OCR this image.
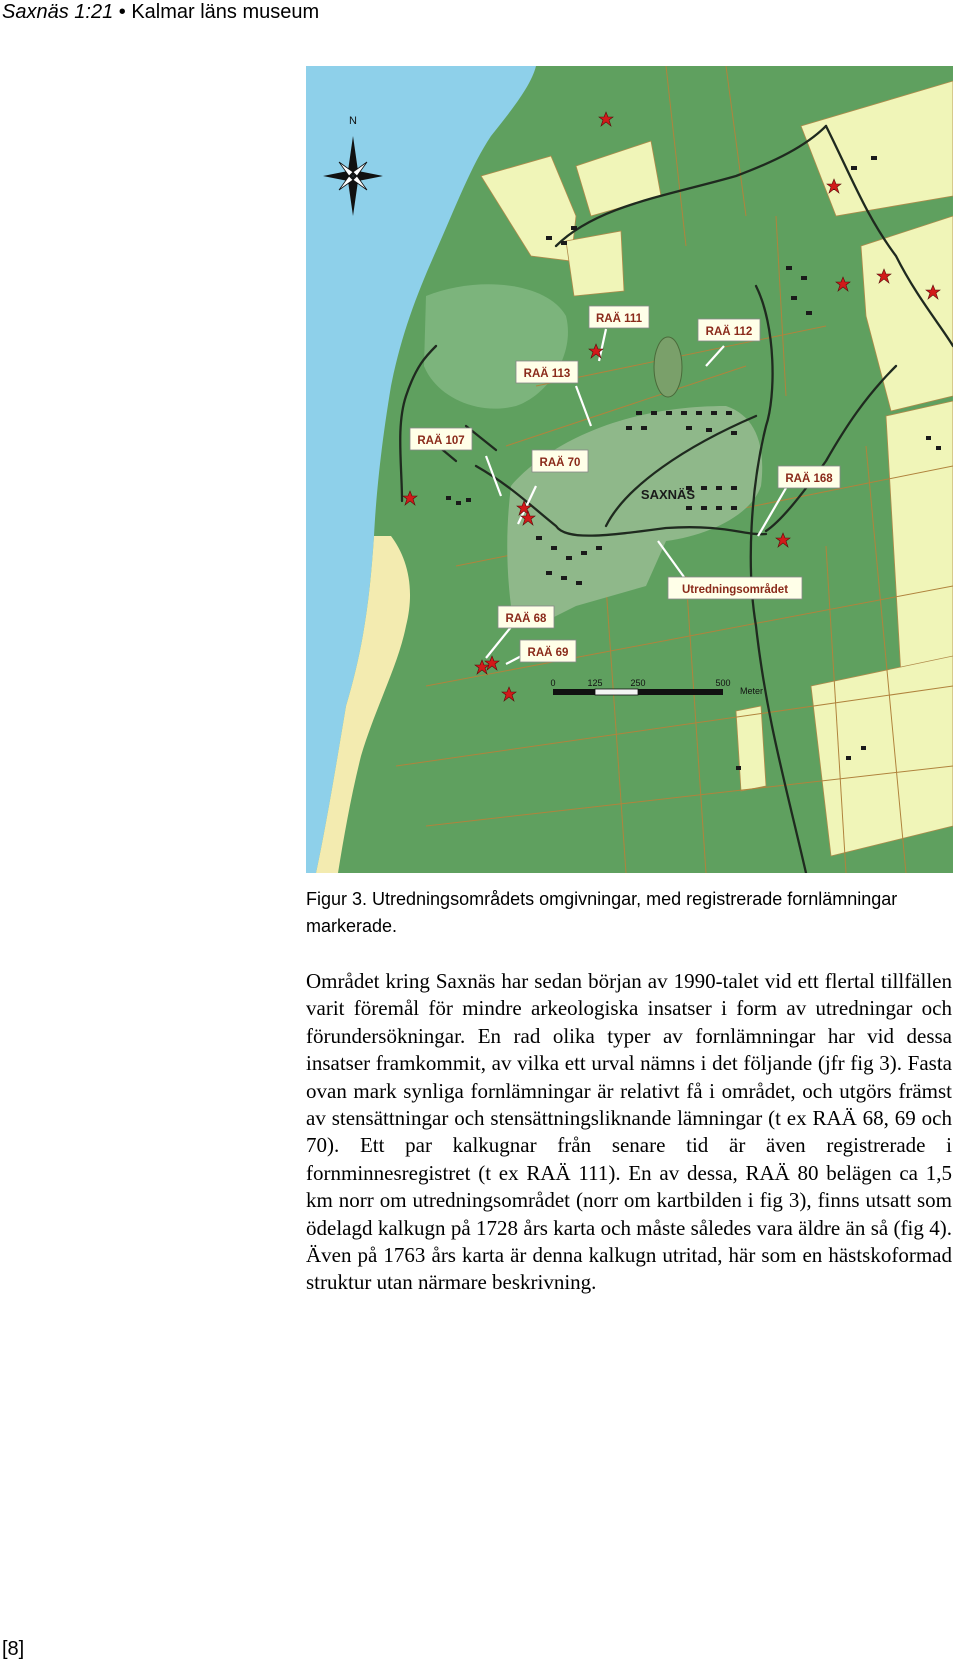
Saxnäs 1:21 • Kalmar läns museum
N
RAÄ 111
RAÄ 112
RAÄ 113
RAÄ 107
RAÄ 70
SAXNÄS
RAÄ 168
Utredningsområdet
RAÄ 68
RAÄ 69
0	125	250	500
Meter

Figur 3. Utredningsområdets omgivningar, med registrerade fornlämningar markerade.

Området kring Saxnäs har sedan början av 1990-talet vid ett flertal tillfällen varit föremål för mindre arkeologiska insatser i form av utredningar och förundersökningar. En rad olika typer av fornlämningar har vid dessa insatser framkommit, av vilka ett urval nämns i det följande (jfr fig 3). Fasta ovan mark synliga fornlämningar är relativt få i området, och utgörs främst av stensättningar och stensättningsliknande lämningar (t ex RAÄ 68, 69 och 70). Ett par kalkugnar från senare tid är även registrerade i fornminnesregistret (t ex RAÄ 111). En av dessa, RAÄ 80 belägen ca 1,5 km norr om utredningsområdet (norr om kartbilden i fig 3), finns utsatt som ödelagd kalkugn på 1728 års karta och måste således vara äldre än så (fig 4). Även på 1763 års karta är denna kalkugn utritad, här som en hästskoformad struktur utan närmare beskrivning.

[8]
